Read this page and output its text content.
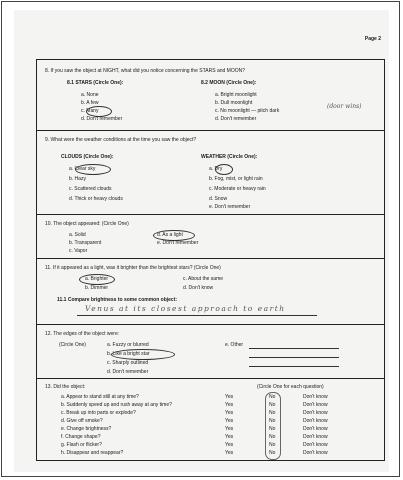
Page 2
8. If you saw the object at NIGHT, what did you notice concerning the STARS and MOON?
8.1 STARS (Circle One):
a. None
b. A few
c. Many
d. Don't remember
8.2 MOON (Circle One):
a. Bright moonlight
b. Dull moonlight
c. No moonlight — pitch dark
d. Don't remember
(door wins)
9. What were the weather conditions at the time you saw the object?
CLOUDS (Circle One):
a. Clear sky
b. Hazy
c. Scattered clouds
d. Thick or heavy clouds
WEATHER (Circle One):
a. Dry
b. Fog, mist, or light rain
c. Moderate or heavy rain
d. Snow
e. Don't remember
10. The object appeared: (Circle One)
a. Solid
b. Transparent
c. Vapor
d. As a light
e. Don't remember
11. If it appeared as a light, was it brighter than the brightest stars? (Circle One)
a. Brighter
b. Dimmer
c. About the same
d. Don't know
11.1 Compare brightness to some common object:
Venus at its closest approach to earth
12. The edges of the object were:
(Circle One)	a. Fuzzy or blurred
b. Like a bright star
c. Sharply outlined
d. Don't remember
e. Other
13. Did the object:	(Circle One for each question)
a. Appear to stand still at any time?	Yes	No	Don't know
b. Suddenly speed up and rush away at any time?	Yes	No	Don't know
c. Break up into parts or explode?	Yes	No	Don't know
d. Give off smoke?	Yes	No	Don't know
e. Change brightness?	Yes	No	Don't know
f. Change shape?	Yes	No	Don't know
g. Flash or flicker?	Yes	No	Don't know
h. Disappear and reappear?	Yes	No	Don't know
